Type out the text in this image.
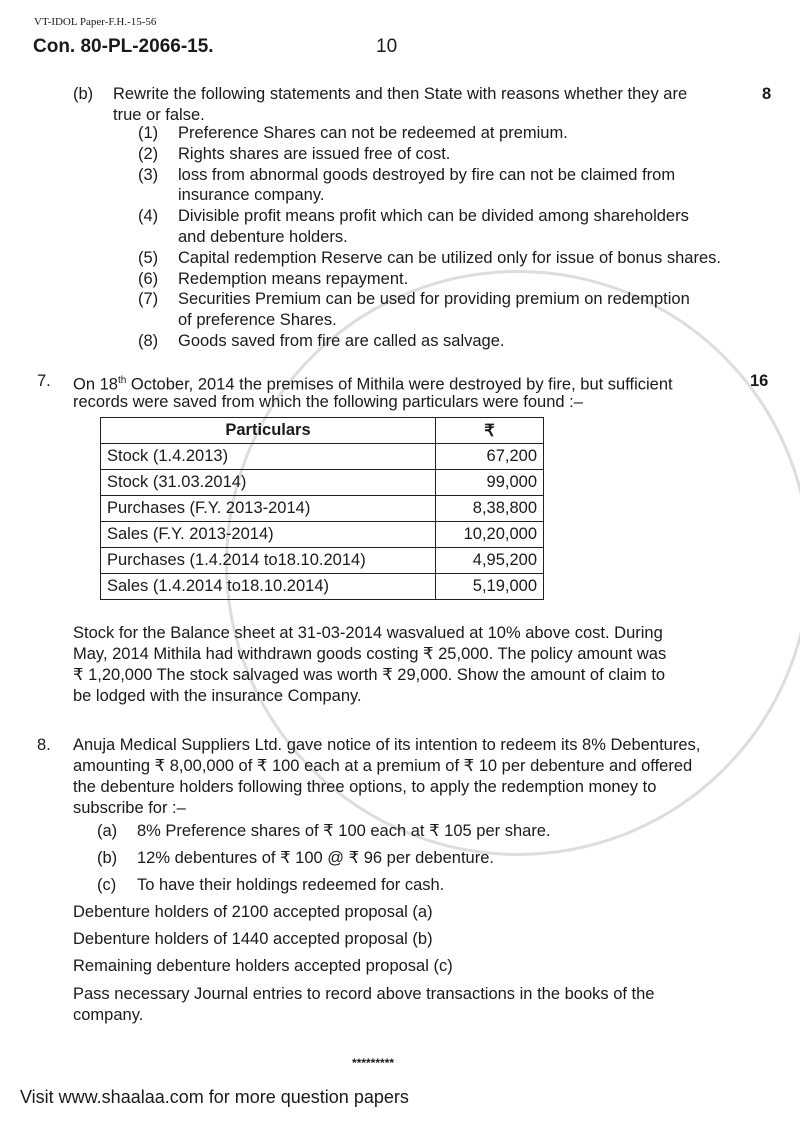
VT-IDOL Paper-F.H.-15-56
Con. 80-PL-2066-15.	10
(b) Rewrite the following statements and then State with reasons whether they are
true or false.
8
(1) Preference Shares can not be redeemed at premium.
(2) Rights shares are issued free of cost.
(3) loss from abnormal goods destroyed by fire can not be claimed from
insurance company.
(4) Divisible profit means profit which can be divided among shareholders
and debenture holders.
(5) Capital redemption Reserve can be utilized only for issue of bonus shares.
(6) Redemption means repayment.
(7) Securities Premium can be used for providing premium on redemption
of preference Shares.
(8) Goods saved from fire are called as salvage.
7. On 18th October, 2014 the premises of Mithila were destroyed by fire, but sufficient	16
records were saved from which the following particulars were found :–
Particulars	₹
Stock (1.4.2013)	67,200
Stock (31.03.2014)	99,000
Purchases (F.Y. 2013-2014)	8,38,800
Sales (F.Y. 2013-2014)	10,20,000
Purchases (1.4.2014 to18.10.2014)	4,95,200
Sales (1.4.2014 to18.10.2014)	5,19,000
Stock for the Balance sheet at 31-03-2014 wasvalued at 10% above cost. During
May, 2014 Mithila had withdrawn goods costing ₹ 25,000. The policy amount was
₹ 1,20,000 The stock salvaged was worth ₹ 29,000. Show the amount of claim to
be lodged with the insurance Company.
8. Anuja Medical Suppliers Ltd. gave notice of its intention to redeem its 8% Debentures,
amounting ₹ 8,00,000 of ₹ 100 each at a premium of ₹ 10 per debenture and offered
the debenture holders following three options, to apply the redemption money to
subscribe for :–
(a) 8% Preference shares of ₹ 100 each at ₹ 105 per share.
(b) 12% debentures of ₹ 100 @ ₹ 96 per debenture.
(c) To have their holdings redeemed for cash.
Debenture holders of 2100 accepted proposal (a)
Debenture holders of 1440 accepted proposal (b)
Remaining debenture holders accepted proposal (c)
Pass necessary Journal entries to record above transactions in the books of the
company.
*********
Visit www.shaalaa.com for more question papers
